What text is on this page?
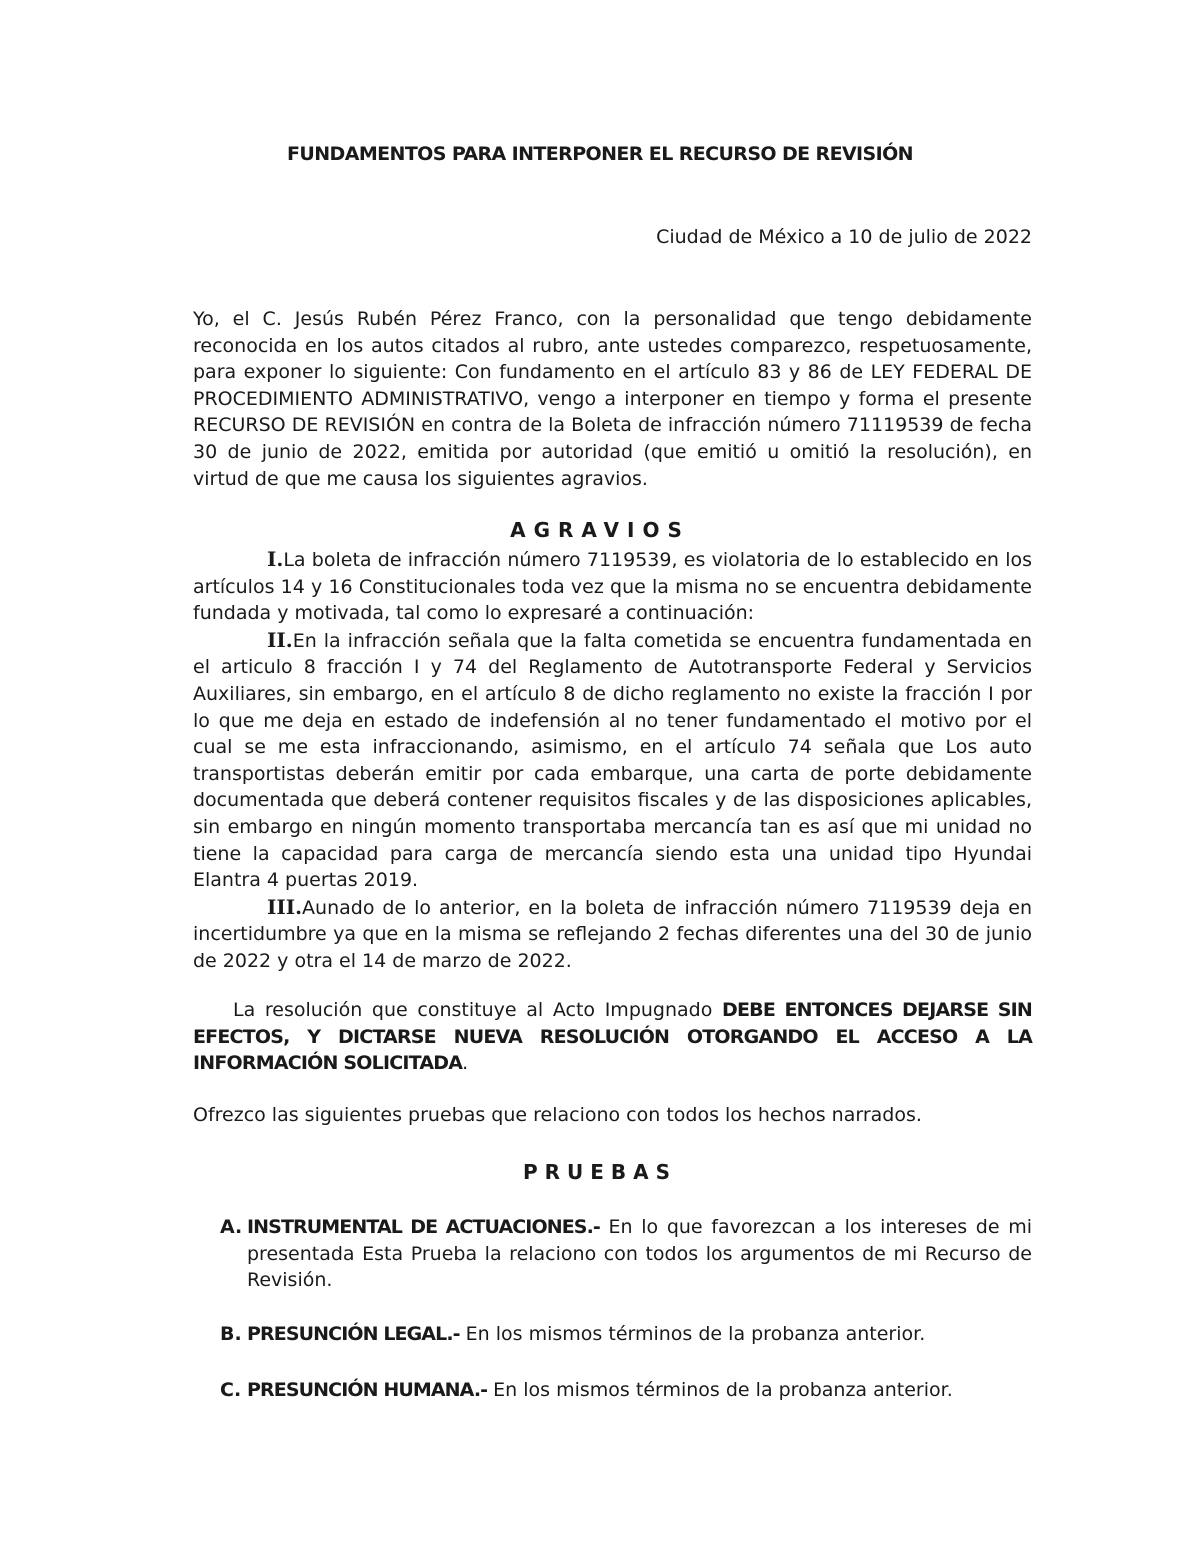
FUNDAMENTOS PARA INTERPONER EL RECURSO DE REVISIÓN
Ciudad de México a 10 de julio de 2022
Yo, el C. Jesús Rubén Pérez Franco, con la personalidad que tengo debidamente reconocida en los autos citados al rubro, ante ustedes comparezco, respetuosamente, para exponer lo siguiente: Con fundamento en el artículo 83 y 86 de LEY FEDERAL DE PROCEDIMIENTO ADMINISTRATIVO, vengo a interponer en tiempo y forma el presente RECURSO DE REVISIÓN en contra de la Boleta de infracción número 71119539 de fecha 30 de junio de 2022, emitida por autoridad (que emitió u omitió la resolución), en virtud de que me causa los siguientes agravios.
AGRAVIOS
I.La boleta de infracción número 7119539, es violatoria de lo establecido en los artículos 14 y 16 Constitucionales toda vez que la misma no se encuentra debidamente fundada y motivada, tal como lo expresaré a continuación:
II.En la infracción señala que la falta cometida se encuentra fundamentada en el articulo 8 fracción I y 74 del Reglamento de Autotransporte Federal y Servicios Auxiliares, sin embargo, en el artículo 8 de dicho reglamento no existe la fracción I por lo que me deja en estado de indefensión al no tener fundamentado el motivo por el cual se me esta infraccionando, asimismo, en el artículo 74 señala que Los auto transportistas deberán emitir por cada embarque, una carta de porte debidamente documentada que deberá contener requisitos fiscales y de las disposiciones aplicables, sin embargo en ningún momento transportaba mercancía tan es así que mi unidad no tiene la capacidad para carga de mercancía siendo esta una unidad tipo Hyundai Elantra 4 puertas 2019.
III.Aunado de lo anterior, en la boleta de infracción número 7119539 deja en incertidumbre ya que en la misma se reflejando 2 fechas diferentes una del 30 de junio de 2022 y otra el 14 de marzo de 2022.
La resolución que constituye al Acto Impugnado DEBE ENTONCES DEJARSE SIN EFECTOS, Y DICTARSE NUEVA RESOLUCIÓN OTORGANDO EL ACCESO A LA INFORMACIÓN SOLICITADA.
Ofrezco las siguientes pruebas que relaciono con todos los hechos narrados.
PRUEBAS
A. INSTRUMENTAL DE ACTUACIONES.- En lo que favorezcan a los intereses de mi presentada Esta Prueba la relaciono con todos los argumentos de mi Recurso de Revisión.
B. PRESUNCIÓN LEGAL.- En los mismos términos de la probanza anterior.
C. PRESUNCIÓN HUMANA.- En los mismos términos de la probanza anterior.
